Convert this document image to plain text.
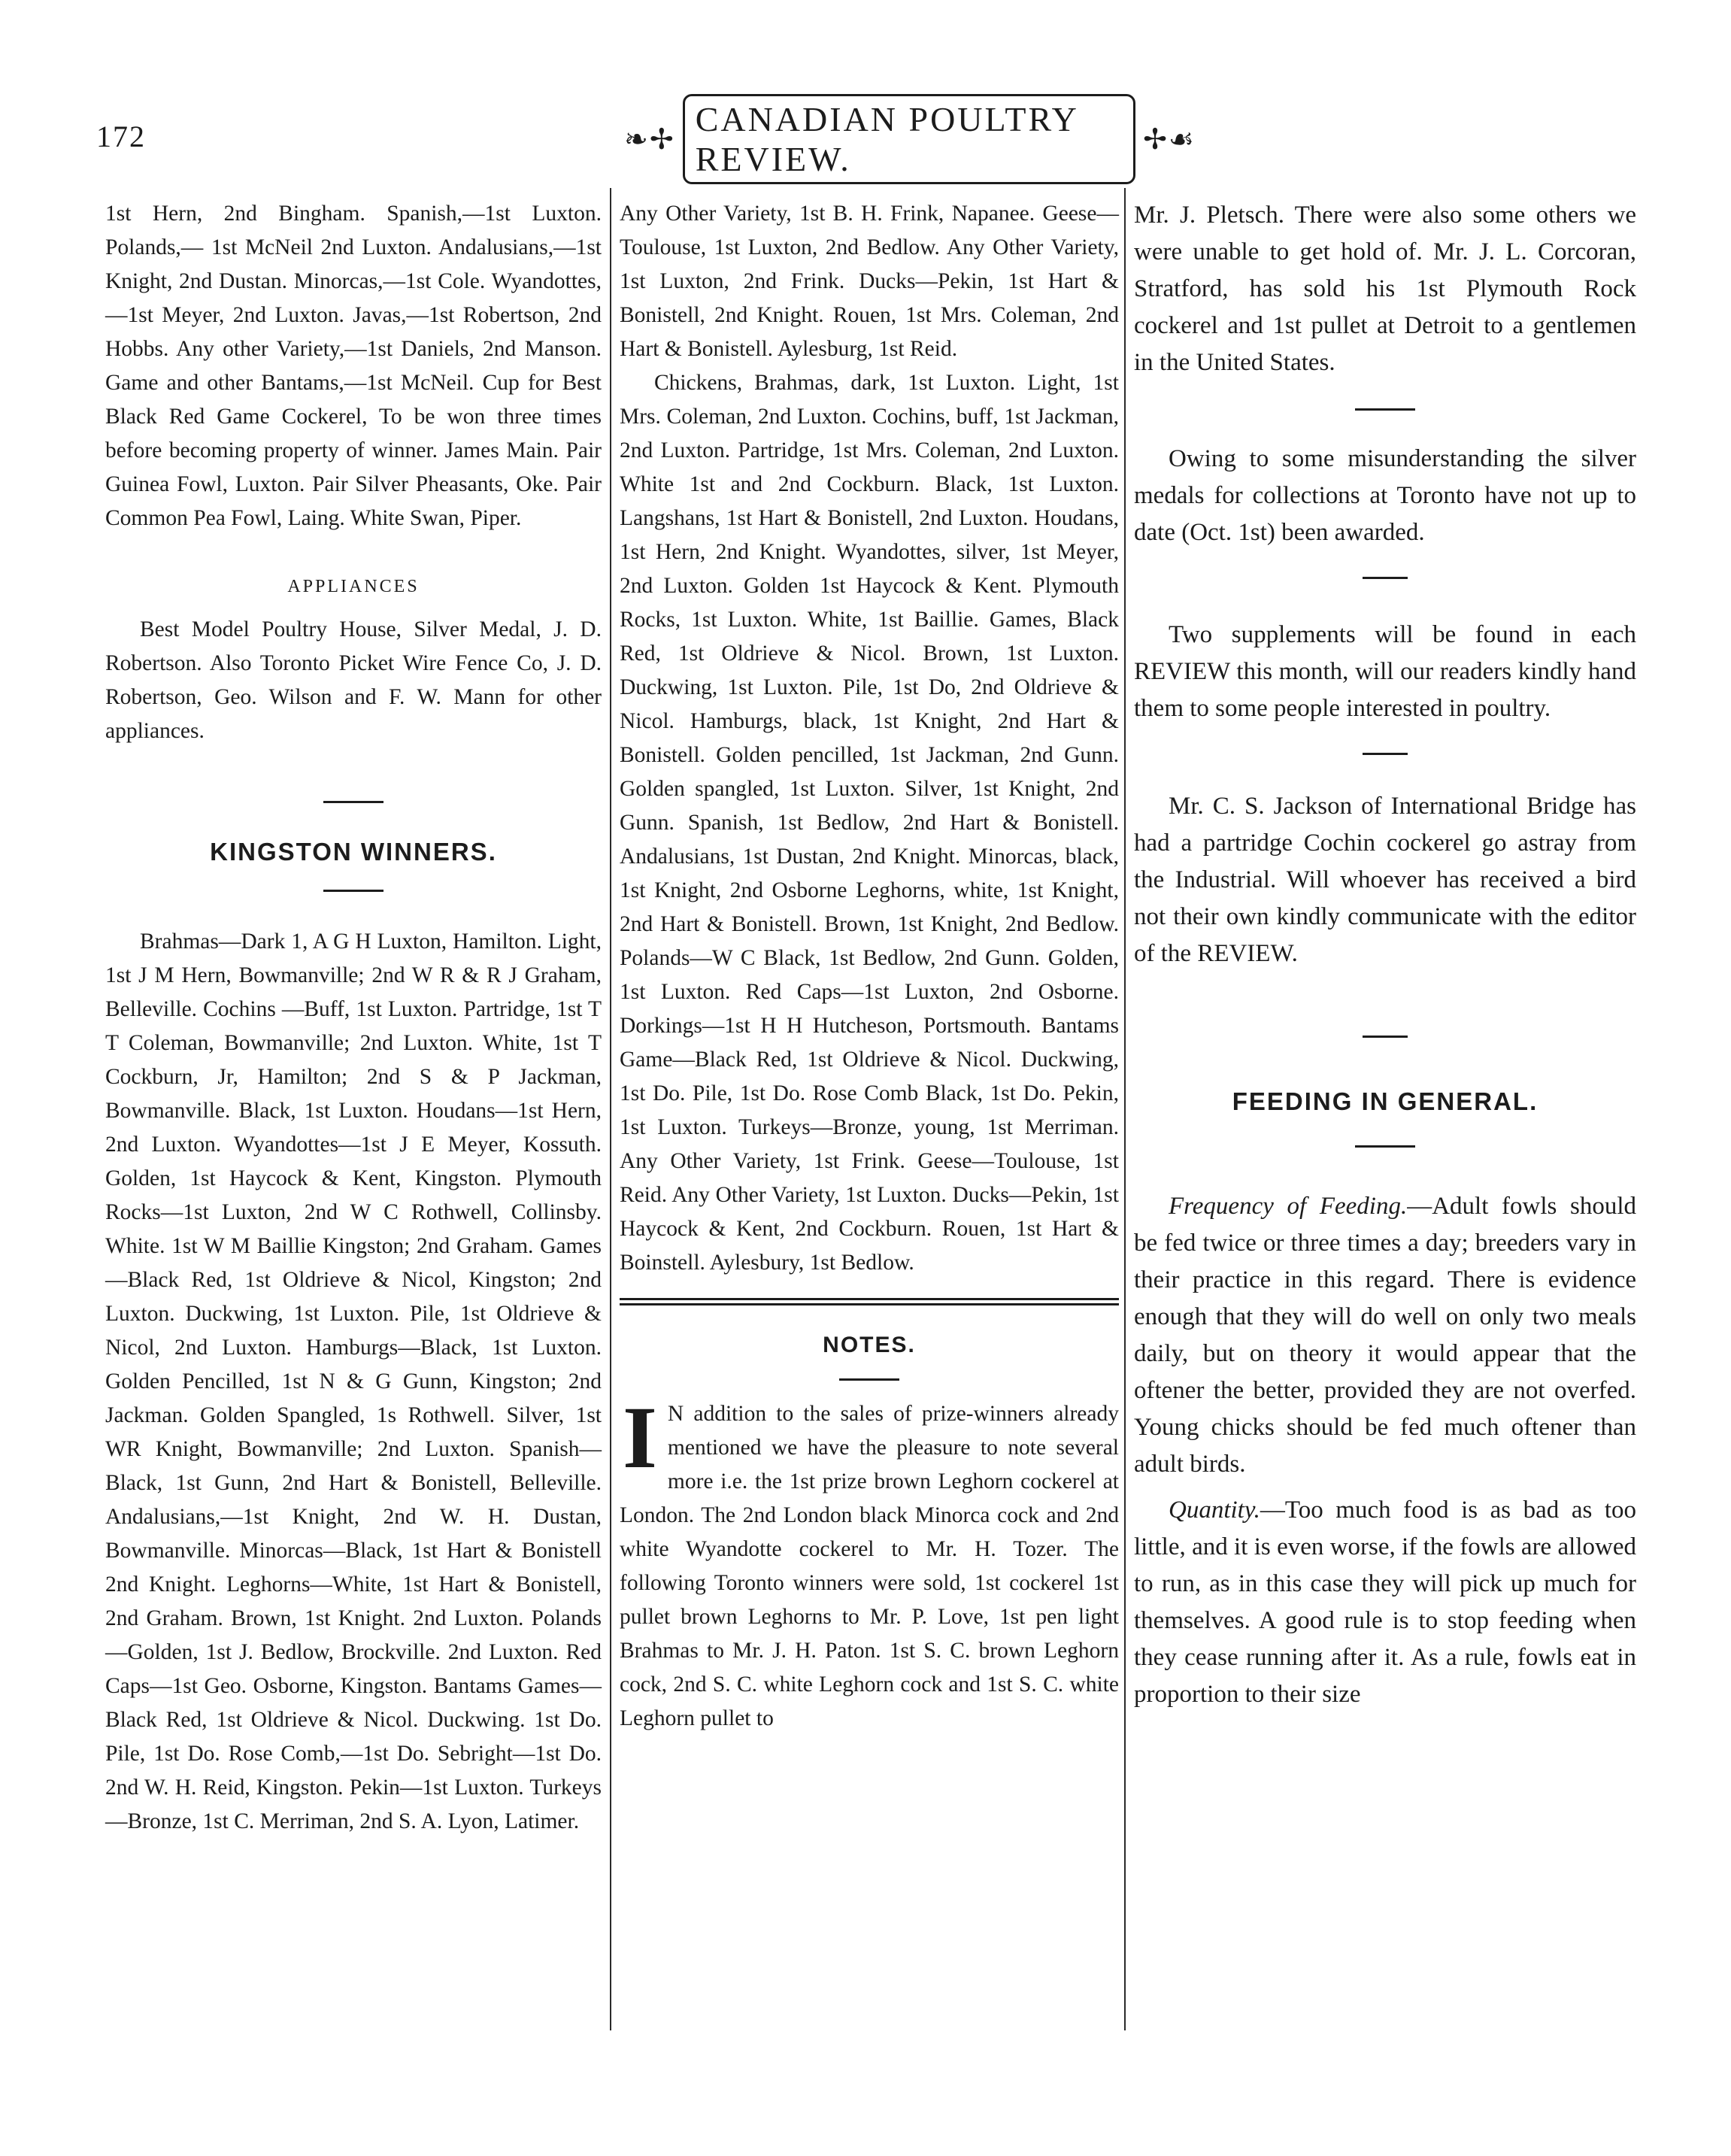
172	❧✢
CANADIAN POULTRY REVIEW.
✢☙

1st Hern, 2nd Bingham. Spanish,—1st Luxton. Polands,— 1st McNeil 2nd Luxton. Andalusians,—1st Knight, 2nd Dustan. Minorcas,—1st Cole. Wyandottes,—1st Meyer, 2nd Luxton. Javas,—1st Robertson, 2nd Hobbs. Any other Variety,—1st Daniels, 2nd Manson. Game and other Bantams,—1st McNeil. Cup for Best Black Red Game Cockerel, To be won three times before becoming property of winner. James Main. Pair Guinea Fowl, Luxton. Pair Silver Pheasants, Oke. Pair Common Pea Fowl, Laing. White Swan, Piper.

APPLIANCES

Best Model Poultry House, Silver Medal, J. D. Robertson. Also Toronto Picket Wire Fence Co, J. D. Robertson, Geo. Wilson and F. W. Mann for other appliances.

KINGSTON WINNERS.

Brahmas—Dark 1, A G H Luxton, Hamilton. Light, 1st J M Hern, Bowmanville; 2nd W R & R J Graham, Belleville. Cochins —Buff, 1st Luxton. Partridge, 1st T T Coleman, Bowmanville; 2nd Luxton. White, 1st T Cockburn, Jr, Hamilton; 2nd S & P Jackman, Bowmanville. Black, 1st Luxton. Houdans—1st Hern, 2nd Luxton. Wyandottes—1st J E Meyer, Kossuth. Golden, 1st Haycock & Kent, Kingston. Plymouth Rocks—1st Luxton, 2nd W C Rothwell, Collinsby. White. 1st W M Baillie Kingston; 2nd Graham. Games—Black Red, 1st Oldrieve & Nicol, Kingston; 2nd Luxton. Duckwing, 1st Luxton. Pile, 1st Oldrieve & Nicol, 2nd Luxton. Hamburgs—Black, 1st Luxton. Golden Pencilled, 1st N & G Gunn, Kingston; 2nd Jackman. Golden Spangled, 1s Rothwell. Silver, 1st WR Knight, Bowmanville; 2nd Luxton. Spanish—Black, 1st Gunn, 2nd Hart & Bonistell, Belleville. Andalusians,—1st Knight, 2nd W. H. Dustan, Bowmanville. Minorcas—Black, 1st Hart & Bonistell 2nd Knight. Leghorns—White, 1st Hart & Bonistell, 2nd Graham. Brown, 1st Knight. 2nd Luxton. Polands—Golden, 1st J. Bedlow, Brockville. 2nd Luxton. Red Caps—1st Geo. Osborne, Kingston. Bantams Games—Black Red, 1st Oldrieve & Nicol. Duckwing. 1st Do. Pile, 1st Do. Rose Comb,—1st Do. Sebright—1st Do. 2nd W. H. Reid, Kingston. Pekin—1st Luxton. Turkeys—Bronze, 1st C. Merriman, 2nd S. A. Lyon, Latimer.

Any Other Variety, 1st B. H. Frink, Napanee. Geese—Toulouse, 1st Luxton, 2nd Bedlow. Any Other Variety, 1st Luxton, 2nd Frink. Ducks—Pekin, 1st Hart & Bonistell, 2nd Knight. Rouen, 1st Mrs. Coleman, 2nd Hart & Bonistell. Aylesburg, 1st Reid.

Chickens, Brahmas, dark, 1st Luxton. Light, 1st Mrs. Coleman, 2nd Luxton. Cochins, buff, 1st Jackman, 2nd Luxton. Partridge, 1st Mrs. Coleman, 2nd Luxton. White 1st and 2nd Cockburn. Black, 1st Luxton. Langshans, 1st Hart & Bonistell, 2nd Luxton. Houdans, 1st Hern, 2nd Knight. Wyandottes, silver, 1st Meyer, 2nd Luxton. Golden 1st Haycock & Kent. Plymouth Rocks, 1st Luxton. White, 1st Baillie. Games, Black Red, 1st Oldrieve & Nicol. Brown, 1st Luxton. Duckwing, 1st Luxton. Pile, 1st Do, 2nd Oldrieve & Nicol. Hamburgs, black, 1st Knight, 2nd Hart & Bonistell. Golden pencilled, 1st Jackman, 2nd Gunn. Golden spangled, 1st Luxton. Silver, 1st Knight, 2nd Gunn. Spanish, 1st Bedlow, 2nd Hart & Bonistell. Andalusians, 1st Dustan, 2nd Knight. Minorcas, black, 1st Knight, 2nd Osborne Leghorns, white, 1st Knight, 2nd Hart & Bonistell. Brown, 1st Knight, 2nd Bedlow. Polands—W C Black, 1st Bedlow, 2nd Gunn. Golden, 1st Luxton. Red Caps—1st Luxton, 2nd Osborne. Dorkings—1st H H Hutcheson, Portsmouth. Bantams Game—Black Red, 1st Oldrieve & Nicol. Duckwing, 1st Do. Pile, 1st Do. Rose Comb Black, 1st Do. Pekin, 1st Luxton. Turkeys—Bronze, young, 1st Merriman. Any Other Variety, 1st Frink. Geese—Toulouse, 1st Reid. Any Other Variety, 1st Luxton. Ducks—Pekin, 1st Haycock & Kent, 2nd Cockburn. Rouen, 1st Hart & Boinstell. Aylesbury, 1st Bedlow.

NOTES.

I N addition to the sales of prize-winners already mentioned we have the pleasure to note several more i.e. the 1st prize brown Leghorn cockerel at London. The 2nd London black Minorca cock and 2nd white Wyandotte cockerel to Mr. H. Tozer. The following Toronto winners were sold, 1st cockerel 1st pullet brown Leghorns to Mr. P. Love, 1st pen light Brahmas to Mr. J. H. Paton. 1st S. C. brown Leghorn cock, 2nd S. C. white Leghorn cock and 1st S. C. white Leghorn pullet to

Mr. J. Pletsch. There were also some others we were unable to get hold of. Mr. J. L. Corcoran, Stratford, has sold his 1st Plymouth Rock cockerel and 1st pullet at Detroit to a gentlemen in the United States.

Owing to some misunderstanding the silver medals for collections at Toronto have not up to date (Oct. 1st) been awarded.

Two supplements will be found in each REVIEW this month, will our readers kindly hand them to some people interested in poultry.

Mr. C. S. Jackson of International Bridge has had a partridge Cochin cockerel go astray from the Industrial. Will whoever has received a bird not their own kindly communicate with the editor of the REVIEW.

FEEDING IN GENERAL.

Frequency of Feeding.—Adult fowls should be fed twice or three times a day; breeders vary in their practice in this regard. There is evidence enough that they will do well on only two meals daily, but on theory it would appear that the oftener the better, provided they are not overfed. Young chicks should be fed much oftener than adult birds.

Quantity.—Too much food is as bad as too little, and it is even worse, if the fowls are allowed to run, as in this case they will pick up much for themselves. A good rule is to stop feeding when they cease running after it. As a rule, fowls eat in proportion to their size
